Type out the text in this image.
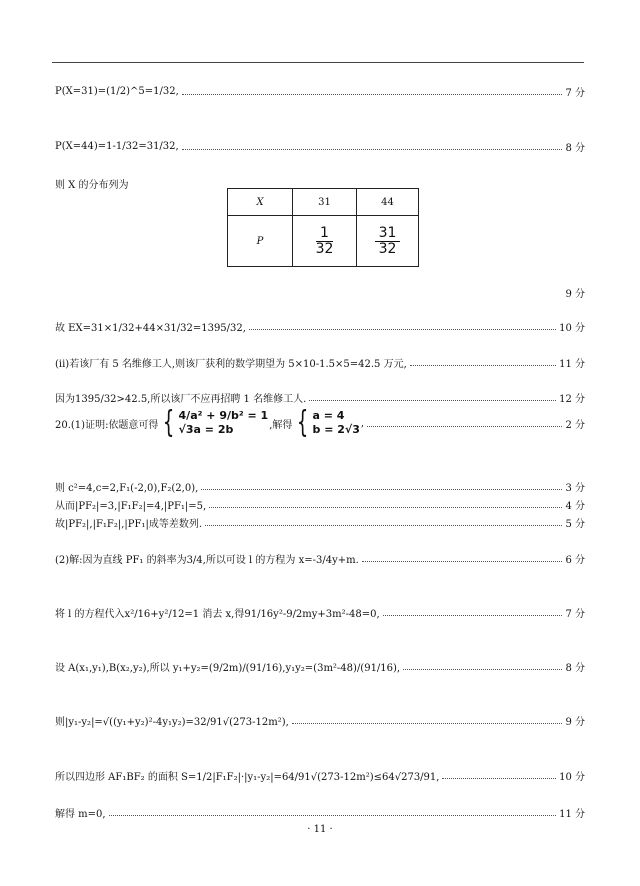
P(X=31)=(1/2)^5=1/32,	7 分
P(X=44)=1-1/32=31/32,	8 分
则 X 的分布列为
X	31	44
P	$\frac{1}{32}$	$\frac{31}{32}$
9 分
故 EX=31×1/32+44×31/32=1395/32,	10 分
(ii)若该厂有 5 名维修工人,则该厂获利的数学期望为 5×10-1.5×5=42.5 万元,	11 分
因为1395/32>42.5,所以该厂不应再招聘 1 名维修工人.	12 分
20.(1)证明:依题意可得 { 4/a² + 9/b² = 1
√3a = 2b	,解得 { a = 4
b = 2√3 ,	2 分
则 c²=4,c=2,F₁(-2,0),F₂(2,0),	3 分
从而|PF₂|=3,|F₁F₂|=4,|PF₁|=5,	4 分
故|PF₂|,|F₁F₂|,|PF₁|成等差数列.	5 分
(2)解:因为直线 PF₁ 的斜率为3/4,所以可设 l 的方程为 x=-3/4y+m.	6 分
将 l 的方程代入x²/16+y²/12=1 消去 x,得91/16y²-9/2my+3m²-48=0,	7 分
设 A(x₁,y₁),B(x₂,y₂),所以 y₁+y₂=(9/2m)/(91/16),y₁y₂=(3m²-48)/(91/16),	8 分
则|y₁-y₂|=√((y₁+y₂)²-4y₁y₂)=32/91√(273-12m²),	9 分
所以四边形 AF₁BF₂ 的面积 S=1/2|F₁F₂|·|y₁-y₂|=64/91√(273-12m²)≤64√273/91,	10 分
解得 m=0,	11 分
· 11 ·
